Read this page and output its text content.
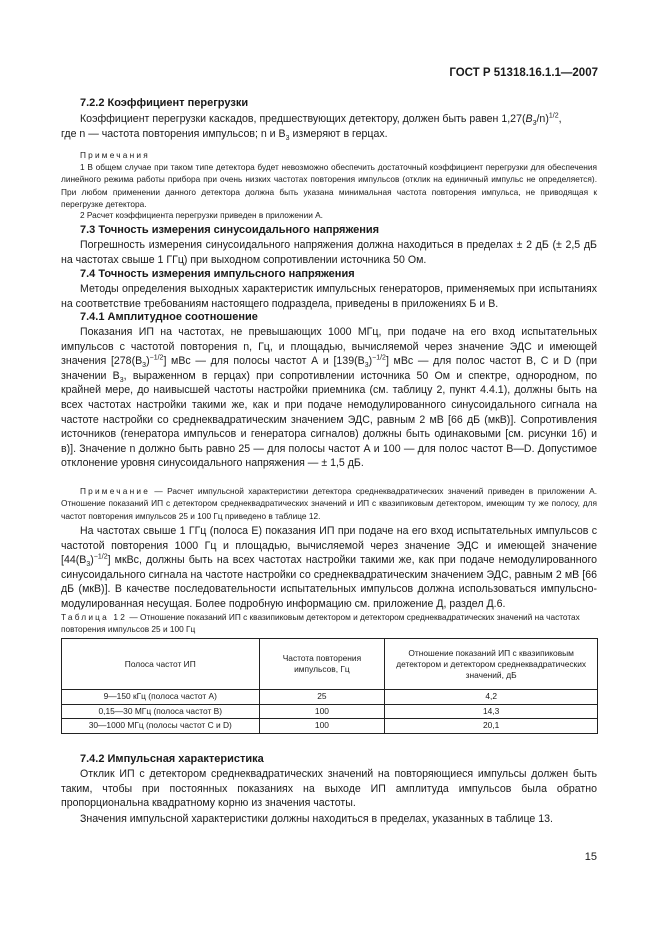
ГОСТ Р 51318.16.1.1—2007
7.2.2 Коэффициент перегрузки
Коэффициент перегрузки каскадов, предшествующих детектору, должен быть равен $1,27(B_3/n)^{1/2}$,
где n — частота повторения импульсов; n и $B_3$ измеряют в герцах.
Примечания
1 В общем случае при таком типе детектора будет невозможно обеспечить достаточный коэффициент перегрузки для обеспечения линейного режима работы прибора при очень низких частотах повторения импульсов (отклик на единичный импульс не определяется). При любом применении данного детектора должна быть указана минимальная частота повторения импульса, не приводящая к перегрузке детектора.
2 Расчет коэффициента перегрузки приведен в приложении А.
7.3 Точность измерения синусоидального напряжения
Погрешность измерения синусоидального напряжения должна находиться в пределах ± 2 дБ (± 2,5 дБ на частотах свыше 1 ГГц) при выходном сопротивлении источника 50 Ом.
7.4 Точность измерения импульсного напряжения
Методы определения выходных характеристик импульсных генераторов, применяемых при испытаниях на соответствие требованиям настоящего подраздела, приведены в приложениях Б и В.
7.4.1 Амплитудное соотношение
Показания ИП на частотах, не превышающих 1000 МГц, при подаче на его вход испытательных импульсов с частотой повторения n, Гц, и площадью, вычисляемой через значение ЭДС и имеющей значения $[278(B_3)^{-1/2}]$ мВс — для полосы частот А и $[139(B_3)^{-1/2}]$ мВс — для полос частот В, С и D (при значении $B_3$, выраженном в герцах) при сопротивлении источника 50 Ом и спектре, однородном, по крайней мере, до наивысшей частоты настройки приемника (см. таблицу 2, пункт 4.4.1), должны быть на всех частотах настройки такими же, как и при подаче немодулированного синусоидального сигнала на частоте настройки со среднеквадратическим значением ЭДС, равным 2 мВ [66 дБ (мкВ)]. Сопротивления источников (генератора импульсов и генератора сигналов) должны быть одинаковыми [см. рисунки 1б) и в)]. Значение n должно быть равно 25 — для полосы частот А и 100 — для полос частот В—D. Допустимое отклонение уровня синусоидального напряжения — ± 1,5 дБ.
Примечание — Расчет импульсной характеристики детектора среднеквадратических значений приведен в приложении А. Отношение показаний ИП с детектором среднеквадратических значений и ИП с квазипиковым детектором, имеющим ту же полосу, для частот повторения импульсов 25 и 100 Гц приведено в таблице 12.
На частотах свыше 1 ГГц (полоса Е) показания ИП при подаче на его вход испытательных импульсов с частотой повторения 1000 Гц и площадью, вычисляемой через значение ЭДС и имеющей значение $[44(B_3)^{-1/2}]$ мкВс, должны быть на всех частотах настройки такими же, как при подаче немодулированного синусоидального сигнала на частоте настройки со среднеквадратическим значением ЭДС, равным 2 мВ [66 дБ (мкВ)]. В качестве последовательности испытательных импульсов должна использоваться импульсно-модулированная несущая. Более подробную информацию см. приложение Д, раздел Д.6.
Таблица 12 — Отношение показаний ИП с квазипиковым детектором и детектором среднеквадратических значений на частотах повторения импульсов 25 и 100 Гц
Полоса частот ИП	Частота повторения импульсов, Гц	Отношение показаний ИП с квазипиковым детектором и детектором среднеквадратических значений, дБ
9—150 кГц (полоса частот А)	25	4,2
0,15—30 МГц (полоса частот В)	100	14,3
30—1000 МГц (полосы частот С и D)	100	20,1
7.4.2 Импульсная характеристика
Отклик ИП с детектором среднеквадратических значений на повторяющиеся импульсы должен быть таким, чтобы при постоянных показаниях на выходе ИП амплитуда импульсов была обратно пропорциональна квадратному корню из значения частоты.
Значения импульсной характеристики должны находиться в пределах, указанных в таблице 13.
15
